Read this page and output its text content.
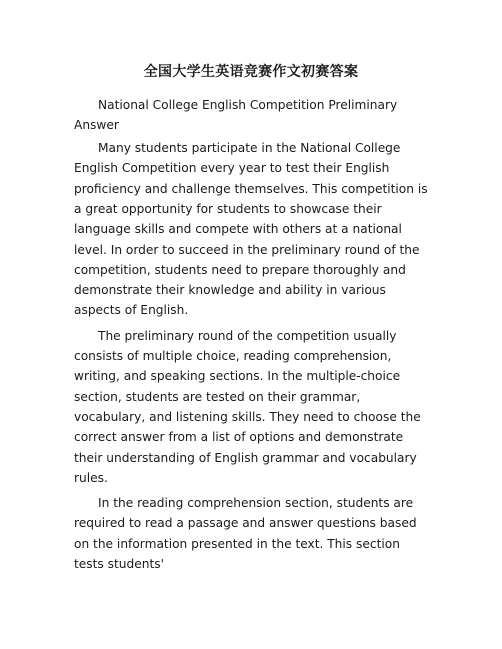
全国大学生英语竞赛作文初赛答案

National College English Competition Preliminary Answer

Many students participate in the National College English Competition every year to test their English proficiency and challenge themselves. This competition is a great opportunity for students to showcase their language skills and compete with others at a national level. In order to succeed in the preliminary round of the competition, students need to prepare thoroughly and demonstrate their knowledge and ability in various aspects of English.

The preliminary round of the competition usually consists of multiple choice, reading comprehension, writing, and speaking sections. In the multiple-choice section, students are tested on their grammar, vocabulary, and listening skills. They need to choose the correct answer from a list of options and demonstrate their understanding of English grammar and vocabulary rules.

In the reading comprehension section, students are required to read a passage and answer questions based on the information presented in the text. This section tests students'
